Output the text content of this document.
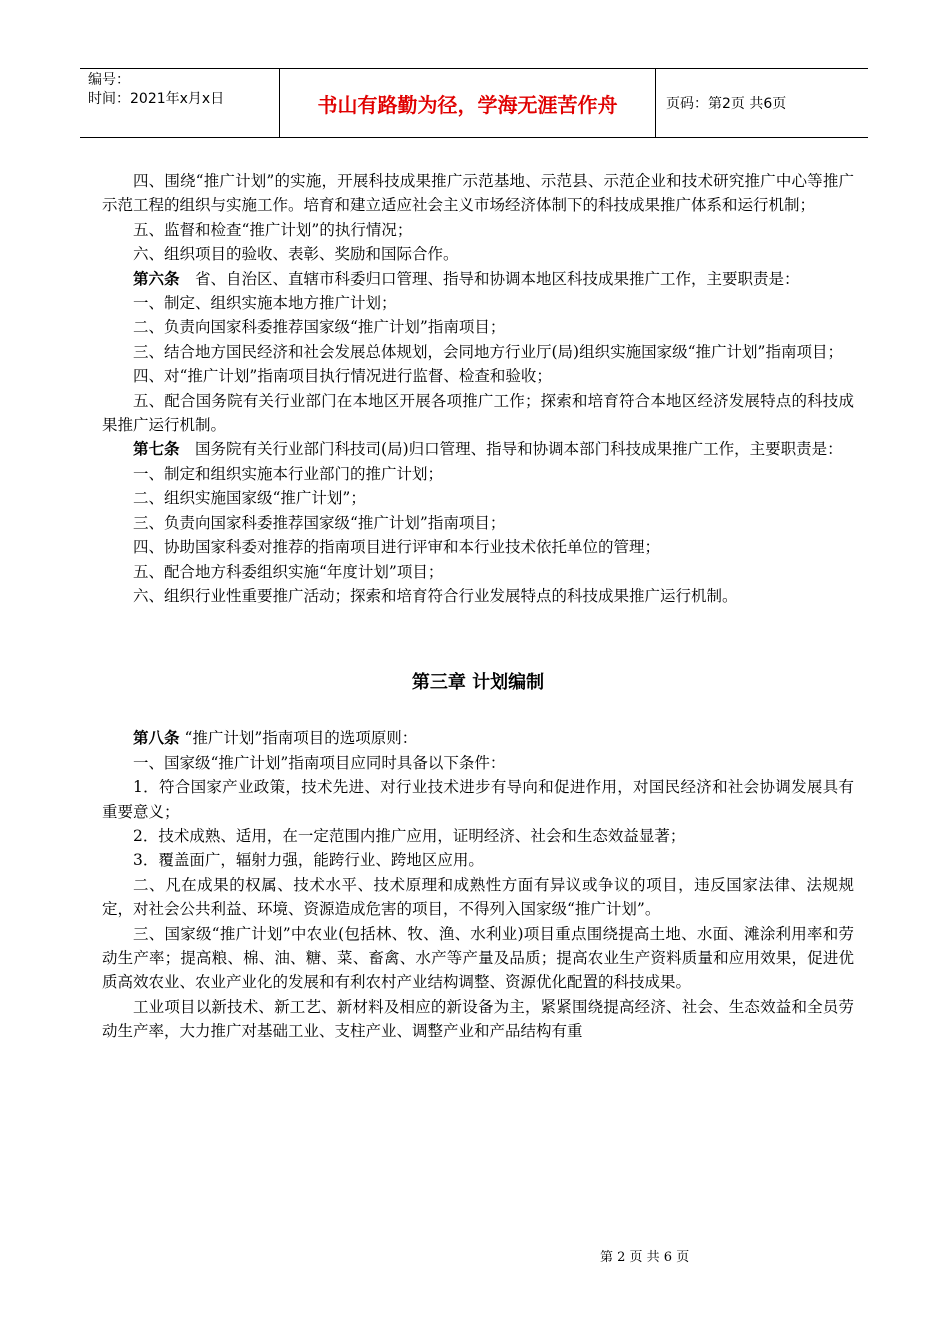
编号：
时间：2021年x月x日	书山有路勤为径，学海无涯苦作舟	页码：第2页 共6页

四、围绕“推广计划”的实施，开展科技成果推广示范基地、示范县、示范企业和技术研究推广中心等推广示范工程的组织与实施工作。培育和建立适应社会主义市场经济体制下的科技成果推广体系和运行机制；

五、监督和检查“推广计划”的执行情况；

六、组织项目的验收、表彰、奖励和国际合作。

第六条　省、自治区、直辖市科委归口管理、指导和协调本地区科技成果推广工作，主要职责是：

一、制定、组织实施本地方推广计划；

二、负责向国家科委推荐国家级“推广计划”指南项目；

三、结合地方国民经济和社会发展总体规划，会同地方行业厅(局)组织实施国家级“推广计划”指南项目；

四、对“推广计划”指南项目执行情况进行监督、检查和验收；

五、配合国务院有关行业部门在本地区开展各项推广工作；探索和培育符合本地区经济发展特点的科技成果推广运行机制。

第七条　国务院有关行业部门科技司(局)归口管理、指导和协调本部门科技成果推广工作，主要职责是：

一、制定和组织实施本行业部门的推广计划；

二、组织实施国家级“推广计划”；

三、负责向国家科委推荐国家级“推广计划”指南项目；

四、协助国家科委对推荐的指南项目进行评审和本行业技术依托单位的管理；

五、配合地方科委组织实施“年度计划”项目；

六、组织行业性重要推广活动；探索和培育符合行业发展特点的科技成果推广运行机制。

第三章 计划编制

第八条 “推广计划”指南项目的选项原则：

一、国家级“推广计划”指南项目应同时具备以下条件：

1．符合国家产业政策，技术先进、对行业技术进步有导向和促进作用，对国民经济和社会协调发展具有重要意义；

2．技术成熟、适用，在一定范围内推广应用，证明经济、社会和生态效益显著；

3．覆盖面广，辐射力强，能跨行业、跨地区应用。

二、凡在成果的权属、技术水平、技术原理和成熟性方面有异议或争议的项目，违反国家法律、法规规定，对社会公共利益、环境、资源造成危害的项目，不得列入国家级“推广计划”。

三、国家级“推广计划”中农业(包括林、牧、渔、水利业)项目重点围绕提高土地、水面、滩涂利用率和劳动生产率；提高粮、棉、油、糖、菜、畜禽、水产等产量及品质；提高农业生产资料质量和应用效果，促进优质高效农业、农业产业化的发展和有利农村产业结构调整、资源优化配置的科技成果。

工业项目以新技术、新工艺、新材料及相应的新设备为主，紧紧围绕提高经济、社会、生态效益和全员劳动生产率，大力推广对基础工业、支柱产业、调整产业和产品结构有重

第 2 页 共 6 页
